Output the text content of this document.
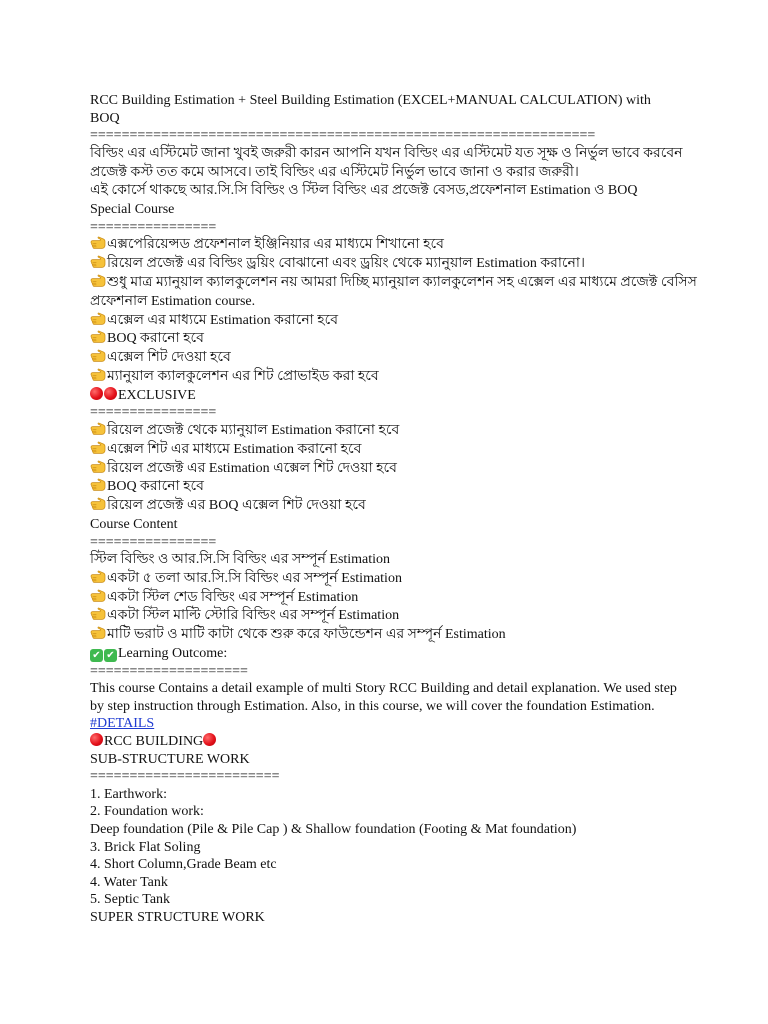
RCC Building Estimation + Steel Building Estimation (EXCEL+MANUAL CALCULATION) with
BOQ
================================================================
বিল্ডিং এর এস্টিমেট জানা খুবই জরুরী কারন আপনি যখন বিল্ডিং এর এস্টিমেট যত সূক্ষ ও নির্ভুল ভাবে করবেন
প্রজেক্ট কস্ট তত কমে আসবে। তাই বিল্ডিং এর এস্টিমেট নির্ভুল ভাবে জানা ও করার জরুরী।
এই কোর্সে থাকছে আর.সি.সি বিল্ডিং ও স্টিল বিল্ডিং এর প্রজেক্ট বেসড,প্রফেশনাল Estimation ও BOQ
Special Course
================
এক্সপেরিয়েন্সড প্রফেশনাল ইঞ্জিনিয়ার এর মাধ্যমে শিখানো হবে
রিয়েল প্রজেক্ট এর বিল্ডিং ড্রয়িং বোঝানো এবং ড্রয়িং থেকে ম্যানুয়াল Estimation করানো।
শুধু মাত্র ম্যানুয়াল ক্যালকুলেশন নয় আমরা দিচ্ছি ম্যানুয়াল ক্যালকুলেশন সহ এক্সেল এর মাধ্যমে প্রজেক্ট বেসিস
প্রফেশনাল Estimation course.
এক্সেল এর মাধ্যমে Estimation করানো হবে
BOQ করানো হবে
এক্সেল শিট দেওয়া হবে
ম্যানুয়াল ক্যালকুলেশন এর শিট প্রোভাইড করা হবে
EXCLUSIVE
================
রিয়েল প্রজেক্ট থেকে ম্যানুয়াল Estimation করানো হবে
এক্সেল শিট এর মাধ্যমে Estimation করানো হবে
রিয়েল প্রজেক্ট এর Estimation এক্সেল শিট দেওয়া হবে
BOQ করানো হবে
রিয়েল প্রজেক্ট এর BOQ এক্সেল শিট দেওয়া হবে
Course Content
================
স্টিল বিল্ডিং ও আর.সি.সি বিল্ডিং এর সম্পূর্ন Estimation
একটা ৫ তলা আর.সি.সি বিল্ডিং এর সম্পূর্ন Estimation
একটা স্টিল শেড বিল্ডিং এর সম্পূর্ন Estimation
একটা স্টিল মাল্টি স্টোরি বিল্ডিং এর সম্পূর্ন Estimation
মাটি ভরাট ও মাটি কাটা থেকে শুরু করে ফাউন্ডেশন এর সম্পূর্ন Estimation
✔ ✔ Learning Outcome:
====================
This course Contains a detail example of multi Story RCC Building and detail explanation. We used step by step instruction through Estimation. Also, in this course, we will cover the foundation Estimation.
#DETAILS
RCC BUILDING
SUB-STRUCTURE WORK
========================
1. Earthwork:
2. Foundation work:
Deep foundation (Pile & Pile Cap ) & Shallow foundation (Footing & Mat foundation)
3. Brick Flat Soling
4. Short Column,Grade Beam etc
4. Water Tank
5. Septic Tank
SUPER STRUCTURE WORK
